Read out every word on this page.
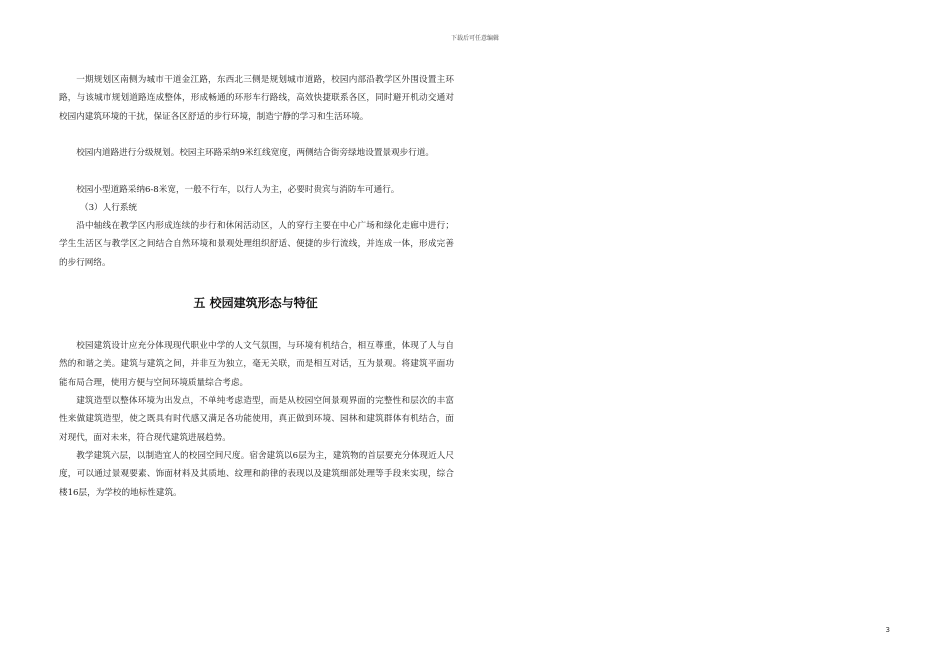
下载后可任意编辑

一期规划区南侧为城市干道金江路，东西北三侧是规划城市道路，校园内部沿教学区外围设置主环路，与该城市规划道路连成整体，形成畅通的环形车行路线，高效快捷联系各区，同时避开机动交通对校园内建筑环境的干扰，保证各区舒适的步行环境，制造宁静的学习和生活环境。

校园内道路进行分级规划。校园主环路采纳9米红线宽度，两侧结合街旁绿地设置景观步行道。

校园小型道路采纳6-8米宽，一般不行车，以行人为主，必要时贵宾与消防车可通行。

（3）人行系统

沿中轴线在教学区内形成连续的步行和休闲活动区，人的穿行主要在中心广场和绿化走廊中进行；学生生活区与教学区之间结合自然环境和景观处理组织舒适、便捷的步行流线，并连成一体，形成完善的步行网络。

五 校园建筑形态与特征

校园建筑设计应充分体现现代职业中学的人文气氛围，与环境有机结合，相互尊重，体现了人与自然的和谐之美。建筑与建筑之间，并非互为独立，毫无关联，而是相互对话，互为景观。将建筑平面功能布局合理，使用方便与空间环境质量综合考虑。

建筑造型以整体环境为出发点，不单纯考虑造型，而是从校园空间景观界面的完整性和层次的丰富性来做建筑造型，使之既具有时代感又满足各功能使用，真正做到环境、园林和建筑群体有机结合，面对现代，面对未来，符合现代建筑进展趋势。

教学建筑六层，以制造宜人的校园空间尺度。宿舍建筑以6层为主，建筑物的首层要充分体现近人尺度，可以通过景观要素、饰面材料及其质地、纹理和韵律的表现以及建筑细部处理等手段来实现，综合楼16层，为学校的地标性建筑。

3
